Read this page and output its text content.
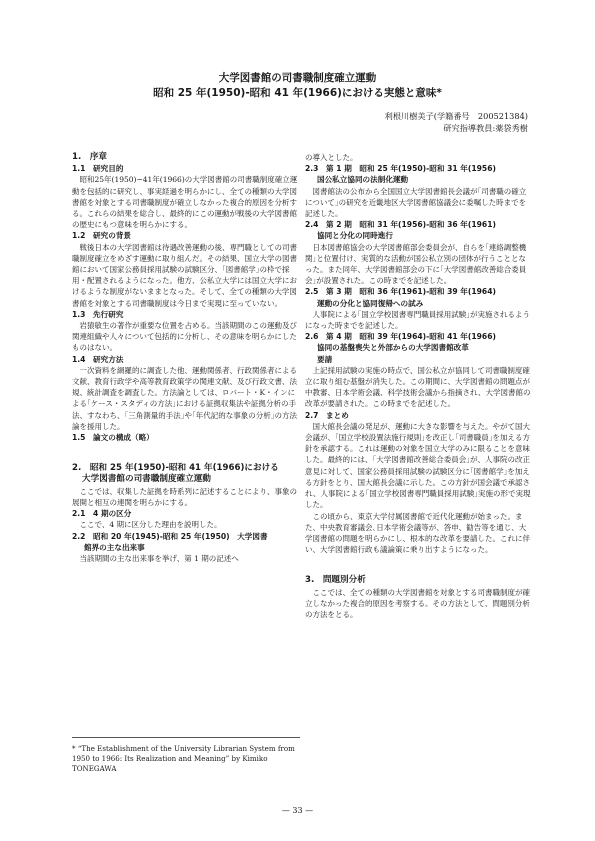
大学図書館の司書職制度確立運動
昭和 25 年(1950)-昭和 41 年(1966)における実態と意味*
利根川樹美子(学籍番号　200521384)
研究指導教員:薬袋秀樹
1.　序章
1.1　研究目的

昭和25年(1950)−41年(1966)の大学図書館の司書職制度確立運動を包括的に研究し、事実経過を明らかにし、全ての種類の大学図書館を対象とする司書職制度が確立しなかった複合的原因を分析する。これらの結果を総合し、最終的にこの運動が戦後の大学図書館の歴史にもつ意味を明らかにする。

1.2　研究の背景

戦後日本の大学図書館は待遇改善運動の後、専門職としての司書職制度確立をめざす運動に取り組んだ。その結果、国立大学の図書館において国家公務員採用試験の試験区分、｢図書館学｣の枠で採用・配置されるようになった。他方、公私立大学には国立大学におけるような制度がないままとなった。そして、全ての種類の大学図書館を対象とする司書職制度は今日まで実現に至っていない。

1.3　先行研究

岩猿敏生の著作が重要な位置を占める。当該期間のこの運動及び関連組織や人々について包括的に分析し、その意味を明らかにしたものはない。

1.4　研究方法

一次資料を網羅的に調査した他、運動関係者、行政関係者による文献、教育行政学や高等教育政策学の関連文献、及び行政文書、法規、統計調査を調査した。方法論としては、ロバート・K・インによる｢ケース・スタディの方法｣における証拠収集法や証拠分析の手法、すなわち、｢三角測量的手法｣や｢年代記的な事象の分析｣の方法論を援用した。

1.5　論文の構成（略）
2.　昭和 25 年(1950)-昭和 41 年(1966)における
大学図書館の司書職制度確立運動

ここでは、収集した証拠を時系列に記述することにより、事象の展開と相互の連関を明らかにする。

2.1　4 期の区分

ここで、4 期に区分した理由を説明した。

2.2　昭和 20 年(1945)-昭和 25 年(1950)　大学図書
館界の主な出来事

当該期間の主な出来事を挙げ、第 1 期の記述へ

の導入とした。

2.3　第 1 期　昭和 25 年(1950)-昭和 31 年(1956)
国公私立協同の法制化運動

図書館法の公布から全国国立大学図書館長会議が｢司書職の確立について｣の研究を近畿地区大学図書館協議会に委嘱した時までを記述した。

2.4　第 2 期　昭和 31 年(1956)-昭和 36 年(1961)
協同と分化の同時進行

日本図書館協会の大学図書館部会委員会が、自らを｢連絡調整機関｣と位置付け、実質的な活動が国公私立別の団体が行うこととなった。また同年、大学図書館部会の下に｢大学図書館改善総合委員会｣が設置された。この時までを記述した。

2.5　第 3 期　昭和 36 年(1961)-昭和 39 年(1964)
運動の分化と協同復帰への試み

人事院による｢国立学校図書専門職員採用試験｣が実施されるようになった時までを記述した。

2.6　第 4 期　昭和 39 年(1964)-昭和 41 年(1966)
協同の基盤喪失と外部からの大学図書館改革
要請

上記採用試験の実施の時点で、国公私立が協同して司書職制度確立に取り組む基盤が消失した。この期間に、大学図書館の問題点が中教審、日本学術会議、科学技術会議から指摘され、大学図書館の改革が要請された。この時までを記述した。

2.7　まとめ

国大館長会議の発足が、運動に大きな影響を与えた。やがて国大会議が、｢国立学校設置法施行規則｣を改正し｢司書職員｣を加える方針を承認する。これは運動の対象を国立大学のみに限ることを意味した。最終的には、｢大学図書館改善総合委員会｣が、人事院の改正意見に対して、国家公務員採用試験の試験区分に｢図書館学｣を加える方針をとり、国大館長会議に示した。この方針が国会議で承認され、人事院による｢国立学校図書専門職員採用試験｣実施の形で実現した。

この頃から、東京大学付属図書館で近代化運動が始まった。また、中央教育審議会､日本学術会議等が、答申、勧告等を通じ、大学図書館の問題を明らかにし、根本的な改革を要請した。これに伴い、大学図書館行政も議論策に乗り出すようになった。

3.　問題別分析

ここでは、全ての種類の大学図書館を対象とする司書職制度が確立しなかった複合的原因を考察する。その方法として、問題別分析の方法をとる。

* “The Establishment of the University Librarian System from 1950 to 1966: Its Realization and Meaning” by Kimiko TONEGAWA
— 33 —
